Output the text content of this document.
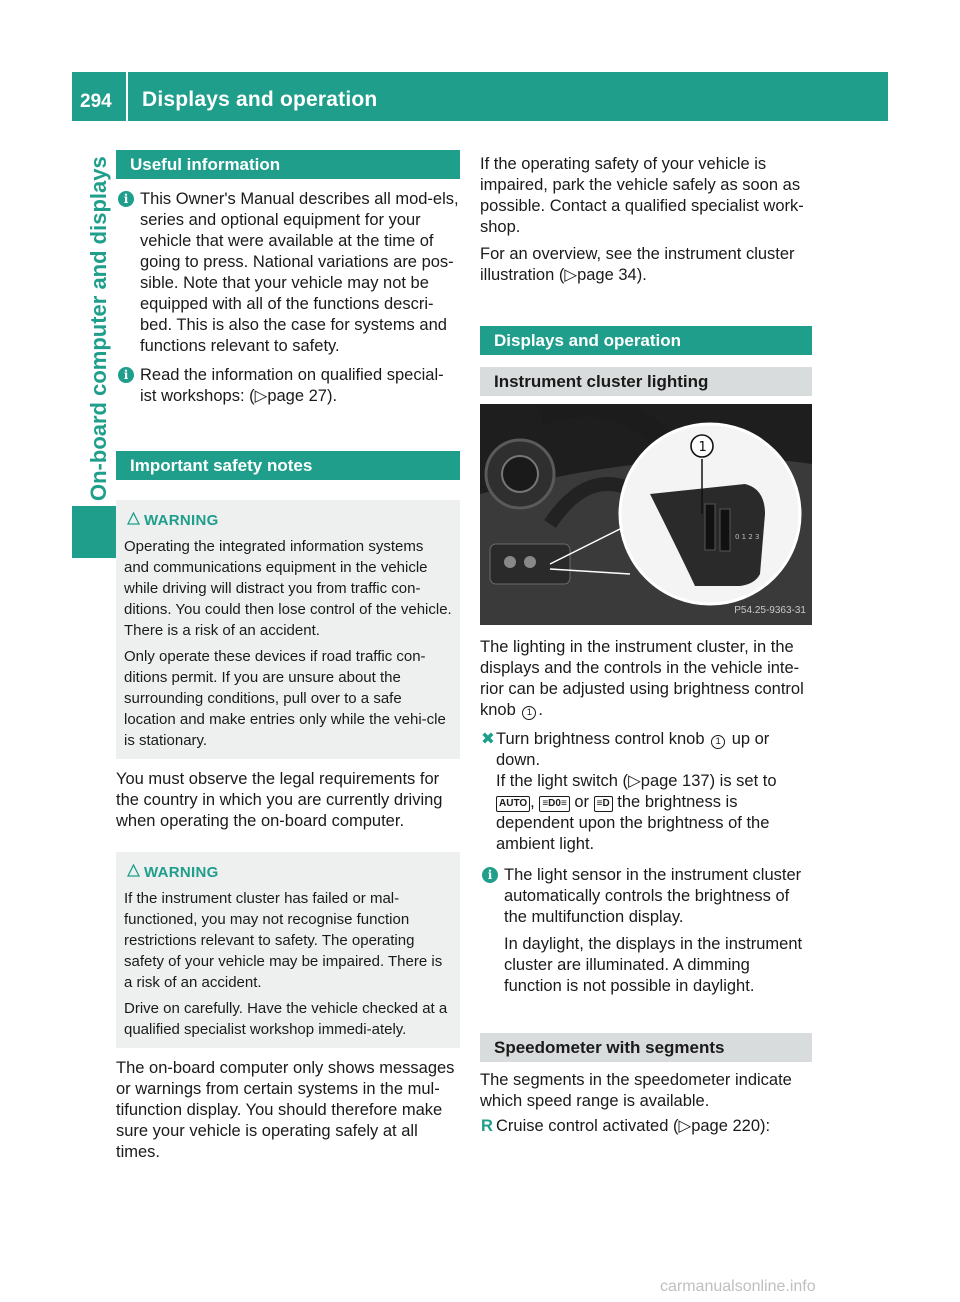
294 Displays and operation
On-board computer and displays	Useful information
i This Owner's Manual describes all mod-els, series and optional equipment for your vehicle that were available at the time of going to press. National variations are pos-sible. Note that your vehicle may not be equipped with all of the functions descri-bed. This is also the case for systems and functions relevant to safety.
i Read the information on qualified special-ist workshops: (▷page 27).
Important safety notes
WARNING

Operating the integrated information systems and communications equipment in the vehicle while driving will distract you from traffic con-ditions. You could then lose control of the vehicle. There is a risk of an accident.

Only operate these devices if road traffic con-ditions permit. If you are unsure about the surrounding conditions, pull over to a safe location and make entries only while the vehi-cle is stationary.

You must observe the legal requirements for the country in which you are currently driving when operating the on-board computer.

WARNING

If the instrument cluster has failed or mal-functioned, you may not recognise function restrictions relevant to safety. The operating safety of your vehicle may be impaired. There is a risk of an accident.

Drive on carefully. Have the vehicle checked at a qualified specialist workshop immedi-ately.

The on-board computer only shows messages or warnings from certain systems in the mul-tifunction display. You should therefore make sure your vehicle is operating safely at all times.

If the operating safety of your vehicle is impaired, park the vehicle safely as soon as possible. Contact a qualified specialist work-shop.

For an overview, see the instrument cluster illustration (▷page 34).

Displays and operation
Instrument cluster lighting
0 1 2 3
1
P54.25-9363-31

The lighting in the instrument cluster, in the displays and the controls in the vehicle inte-rior can be adjusted using brightness control knob 1 .

✖ Turn brightness control knob 1 up or down.
If the light switch (▷page 137) is set to
AUTO , ≡D0≡ or ≡D the brightness is dependent upon the brightness of the ambient light.
i The light sensor in the instrument cluster automatically controls the brightness of the multifunction display.

In daylight, the displays in the instrument cluster are illuminated. A dimming function is not possible in daylight.

Speedometer with segments

The segments in the speedometer indicate which speed range is available.

R Cruise control activated (▷page 220):
carmanualsonline.info
